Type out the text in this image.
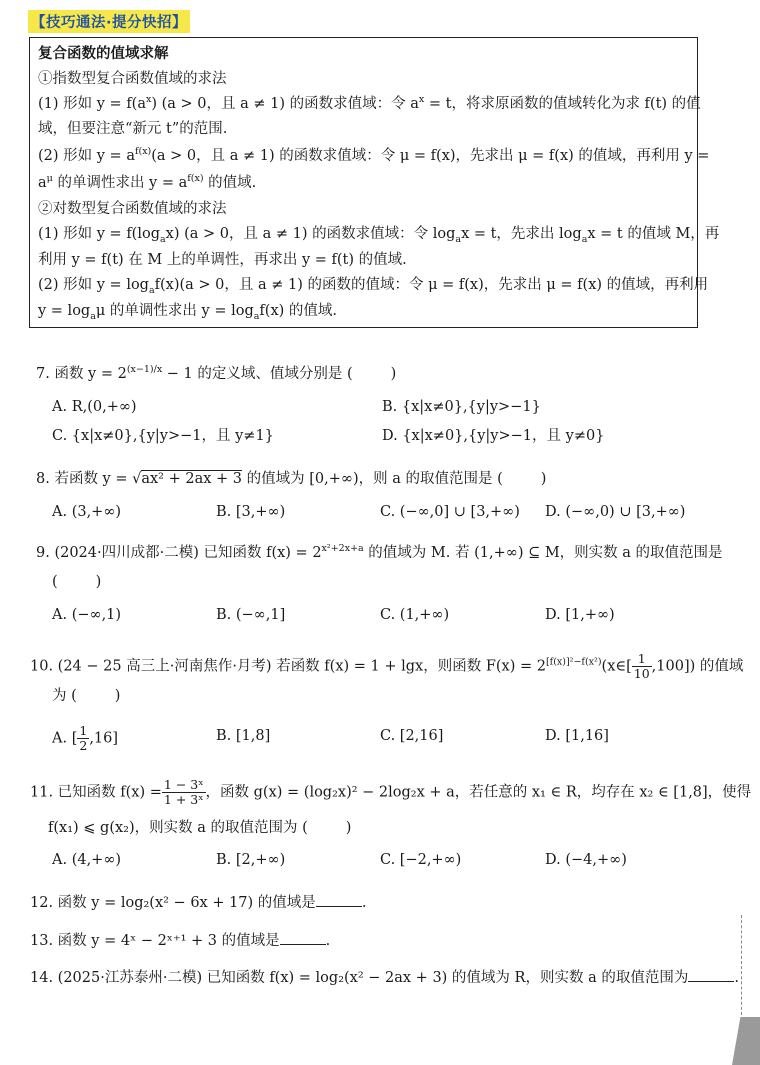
【技巧通法·提分快招】
复合函数的值域求解
①指数型复合函数值域的求法
(1) 形如 $y = f(a^x) (a > 0$，且 a ≠ 1) 的函数求值域：令 $a^x = t$，将求原函数的值域转化为求 f(t) 的值
域，但要注意“新元 t”的范围.
(2) 形如 $y = a^{f(x)}(a > 0$，且 a ≠ 1) 的函数求值域：令 μ = f(x)，先求出 μ = f(x) 的值域，再利用 y =
$a^\mu$ 的单调性求出 $y = a^{f(x)}$ 的值域.
②对数型复合函数值域的求法
(1) 形如 $y = f(\log_ax) (a > 0$，且 a ≠ 1) 的函数求值域：令 $\log_ax = t$，先求出 $\log_ax = t$ 的值域 M，再
利用 y = f(t) 在 M 上的单调性，再求出 y = f(t) 的值域.
(2) 形如 $y = \log_af(x)(a > 0$，且 a ≠ 1) 的函数的值域：令 μ = f(x)，先求出 μ = f(x) 的值域，再利用
$y = \log_a\mu$ 的单调性求出 $y = \log_af(x)$ 的值域.
7. 函数 $y = 2^{(x-1)/x} - 1$ 的定义域、值域分别是 (	)
A. R,(0,+∞)	B. {x|x≠0},{y|y>−1}
C. {x|x≠0},{y|y>−1，且 y≠1}	D. {x|x≠0},{y|y>−1，且 y≠0}
8. 若函数 y = √ax² + 2ax + 3 的值域为 [0,+∞)，则 a 的取值范围是 (	)
A. (3,+∞)	B. [3,+∞)	C. (−∞,0] ∪ [3,+∞) D. (−∞,0) ∪ [3,+∞)
9. (2024·四川成都·二模) 已知函数 $f(x) = 2^{x^2+2x+a}$ 的值域为 M. 若 (1,+∞) ⊆ M，则实数 a 的取值范围是
(	)
A. (−∞,1)	B. (−∞,1]	C. (1,+∞)	D. [1,+∞)
10. (24 − 25 高三上·河南焦作·月考) 若函数 f(x) = 1 + lgx，则函数 $F(x) = 2^{[f(x)]^2-f(x^2)}(x\in[ \frac{1}{10} ,100])$ 的值域
为 (	)
A. [ $\frac{1}{2} ,16$]	B. [1,8]	C. [2,16]	D. [1,16]
11. 已知函数 $f(x) = \frac{\text{1 − 3ˣ}}{\text{1 + 3ˣ}}$ ，函数 g(x) = (log₂x)² − 2log₂x + a，若任意的 x₁ ∈ R，均存在 x₂ ∈ [1,8]，使得
f(x₁) ⩽ g(x₂)，则实数 a 的取值范围为 (	)
A. (4,+∞)	B. [2,+∞)	C. [−2,+∞)	D. (−4,+∞)
12. 函数 y = log₂(x² − 6x + 17) 的值域是	.
13. 函数 y = 4ˣ − 2ˣ⁺¹ + 3 的值域是	.
14. (2025·江苏泰州·二模) 已知函数 f(x) = log₂(x² − 2ax + 3) 的值域为 R，则实数 a 的取值范围为	.
